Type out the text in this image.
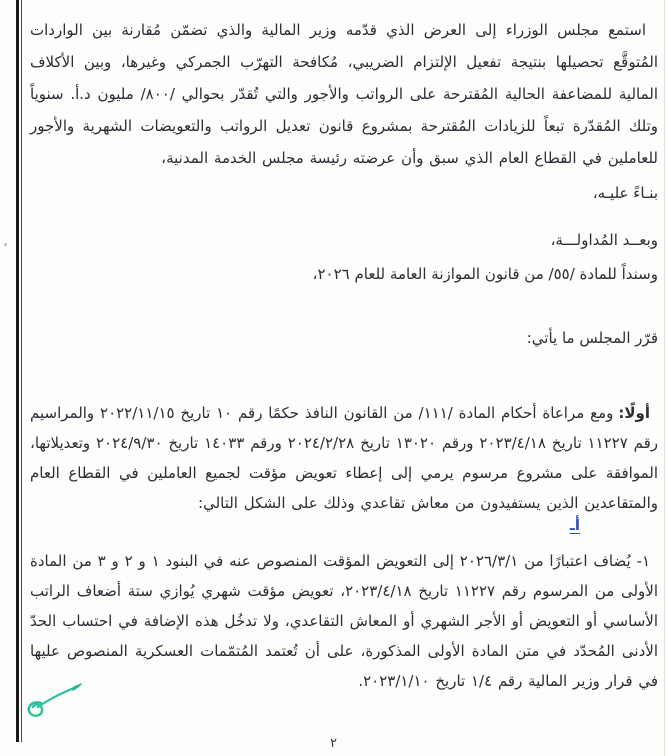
استمع مجلس الوزراء إلى العرض الذي قدّمه وزير المالية والذي تضمّن مُقارنة بين الواردات المُتوقَّع تحصيلها بنتيجة تفعيل الإلتزام الضريبي، مُكافحة التهرّب الجمركي وغيرها، وبين الأكلاف المالية للمضاعفة الحالية المُقترحة على الرواتب والأجور والتي تُقدّر بحوالي /٨٠٠/ مليون د.أ. سنوياً وتلك المُقدّرة تبعاً للزيادات المُقترحة بمشروع قانون تعديل الرواتب والتعويضات الشهرية والأجور للعاملين في القطاع العام الذي سبق وأن عرضته رئيسة مجلس الخدمة المدنية،

بنـاءً عليـه،

وبعــد المُداولـــة،

وسنداً للمادة /٥٥/ من قانون الموازنة العامة للعام ٢٠٢٦،

قرّر المجلس ما يأتي:

أولًا:ومع مراعاة أحكام المادة /١١١/ من القانون النافذ حكمًا رقم ١٠ تاريخ ٢٠٢٢/١١/١٥ والمراسيم رقم ١١٢٢٧ تاريخ ٢٠٢٣/٤/١٨ ورقم ١٣٠٢٠ تاريخ ٢٠٢٤/٢/٢٨ ورقم ١٤٠٣٣ تاريخ ٢٠٢٤/٩/٣٠ وتعديلاتها، الموافقة على مشروع مرسوم يرمي إلى إعطاء تعويض مؤقت لجميع العاملين في القطاع العام والمتقاعدين الذين يستفيدون من معاش تقاعدي وذلك على الشكل التالي:

أـ

١- يُضاف اعتبارًا من ٢٠٢٦/٣/١ إلى التعويض المؤقت المنصوص عنه في البنود ١ و ٢ و ٣ من المادة الأولى من المرسوم رقم ١١٢٢٧ تاريخ ٢٠٢٣/٤/١٨، تعويض مؤقت شهري يُوازي ستة أضعاف الراتب الأساسي أو التعويض أو الأجر الشهري أو المعاش التقاعدي، ولا تدخُل هذه الإضافة في احتساب الحدّ الأدنى المُحدّد في متن المادة الأولى المذكورة، على أن تُعتمد المُتمّمات العسكرية المنصوص عليها في قرار وزير المالية رقم ١/٤ تاريخ ٢٠٢٣/١/١٠.

٢
